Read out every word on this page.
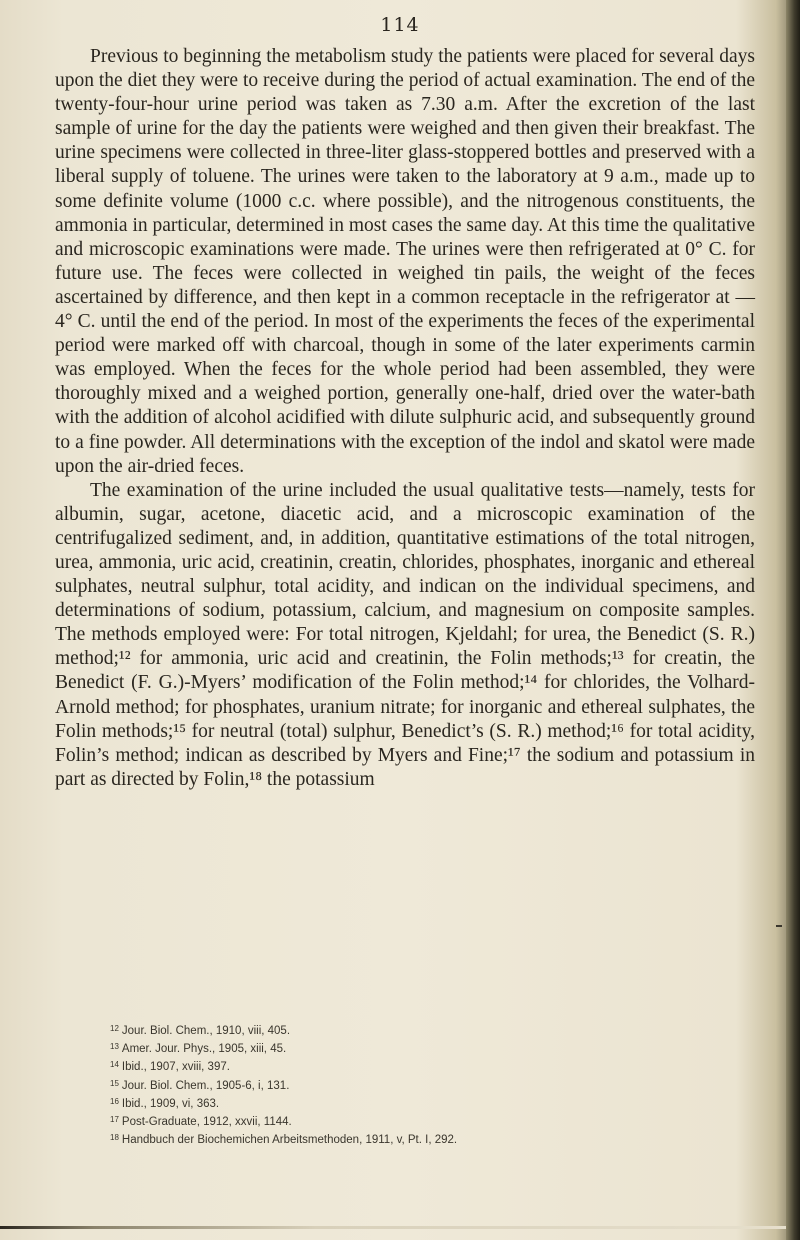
114

Previous to beginning the metabolism study the patients were placed for several days upon the diet they were to receive during the period of actual examination. The end of the twenty-four-hour urine period was taken as 7.30 a.m. After the excretion of the last sample of urine for the day the patients were weighed and then given their breakfast. The urine specimens were collected in three-liter glass-stoppered bottles and preserved with a liberal supply of toluene. The urines were taken to the laboratory at 9 a.m., made up to some definite volume (1000 c.c. where possible), and the nitrogenous constituents, the ammonia in particular, determined in most cases the same day. At this time the qualitative and microscopic examinations were made. The urines were then refrigerated at 0° C. for future use. The feces were collected in weighed tin pails, the weight of the feces ascertained by difference, and then kept in a common receptacle in the refrigerator at —4° C. until the end of the period. In most of the experiments the feces of the experimental period were marked off with charcoal, though in some of the later experiments carmin was employed. When the feces for the whole period had been assembled, they were thoroughly mixed and a weighed portion, generally one-half, dried over the water-bath with the addition of alcohol acidified with dilute sulphuric acid, and subsequently ground to a fine powder. All determinations with the exception of the indol and skatol were made upon the air-dried feces.

The examination of the urine included the usual qualitative tests—namely, tests for albumin, sugar, acetone, diacetic acid, and a microscopic examination of the centrifugalized sediment, and, in addition, quantitative estimations of the total nitrogen, urea, ammonia, uric acid, creatinin, creatin, chlorides, phosphates, inorganic and ethereal sulphates, neutral sulphur, total acidity, and indican on the individual specimens, and determinations of sodium, potassium, calcium, and magnesium on composite samples. The methods employed were: For total nitrogen, Kjeldahl; for urea, the Benedict (S. R.) method;¹² for ammonia, uric acid and creatinin, the Folin methods;¹³ for creatin, the Benedict (F. G.)-Myers’ modification of the Folin method;¹⁴ for chlorides, the Volhard-Arnold method; for phosphates, uranium nitrate; for inorganic and ethereal sulphates, the Folin methods;¹⁵ for neutral (total) sulphur, Benedict’s (S. R.) method;¹⁶ for total acidity, Folin’s method; indican as described by Myers and Fine;¹⁷ the sodium and potassium in part as directed by Folin,¹⁸ the potassium

$^{12}$ Jour. Biol. Chem., 1910, viii, 405.
$^{13}$ Amer. Jour. Phys., 1905, xiii, 45.
$^{14}$ Ibid., 1907, xviii, 397.
$^{15}$ Jour. Biol. Chem., 1905-6, i, 131.
$^{16}$ Ibid., 1909, vi, 363.
$^{17}$ Post-Graduate, 1912, xxvii, 1144.
$^{18}$ Handbuch der Biochemichen Arbeitsmethoden, 1911, v, Pt. I, 292.
